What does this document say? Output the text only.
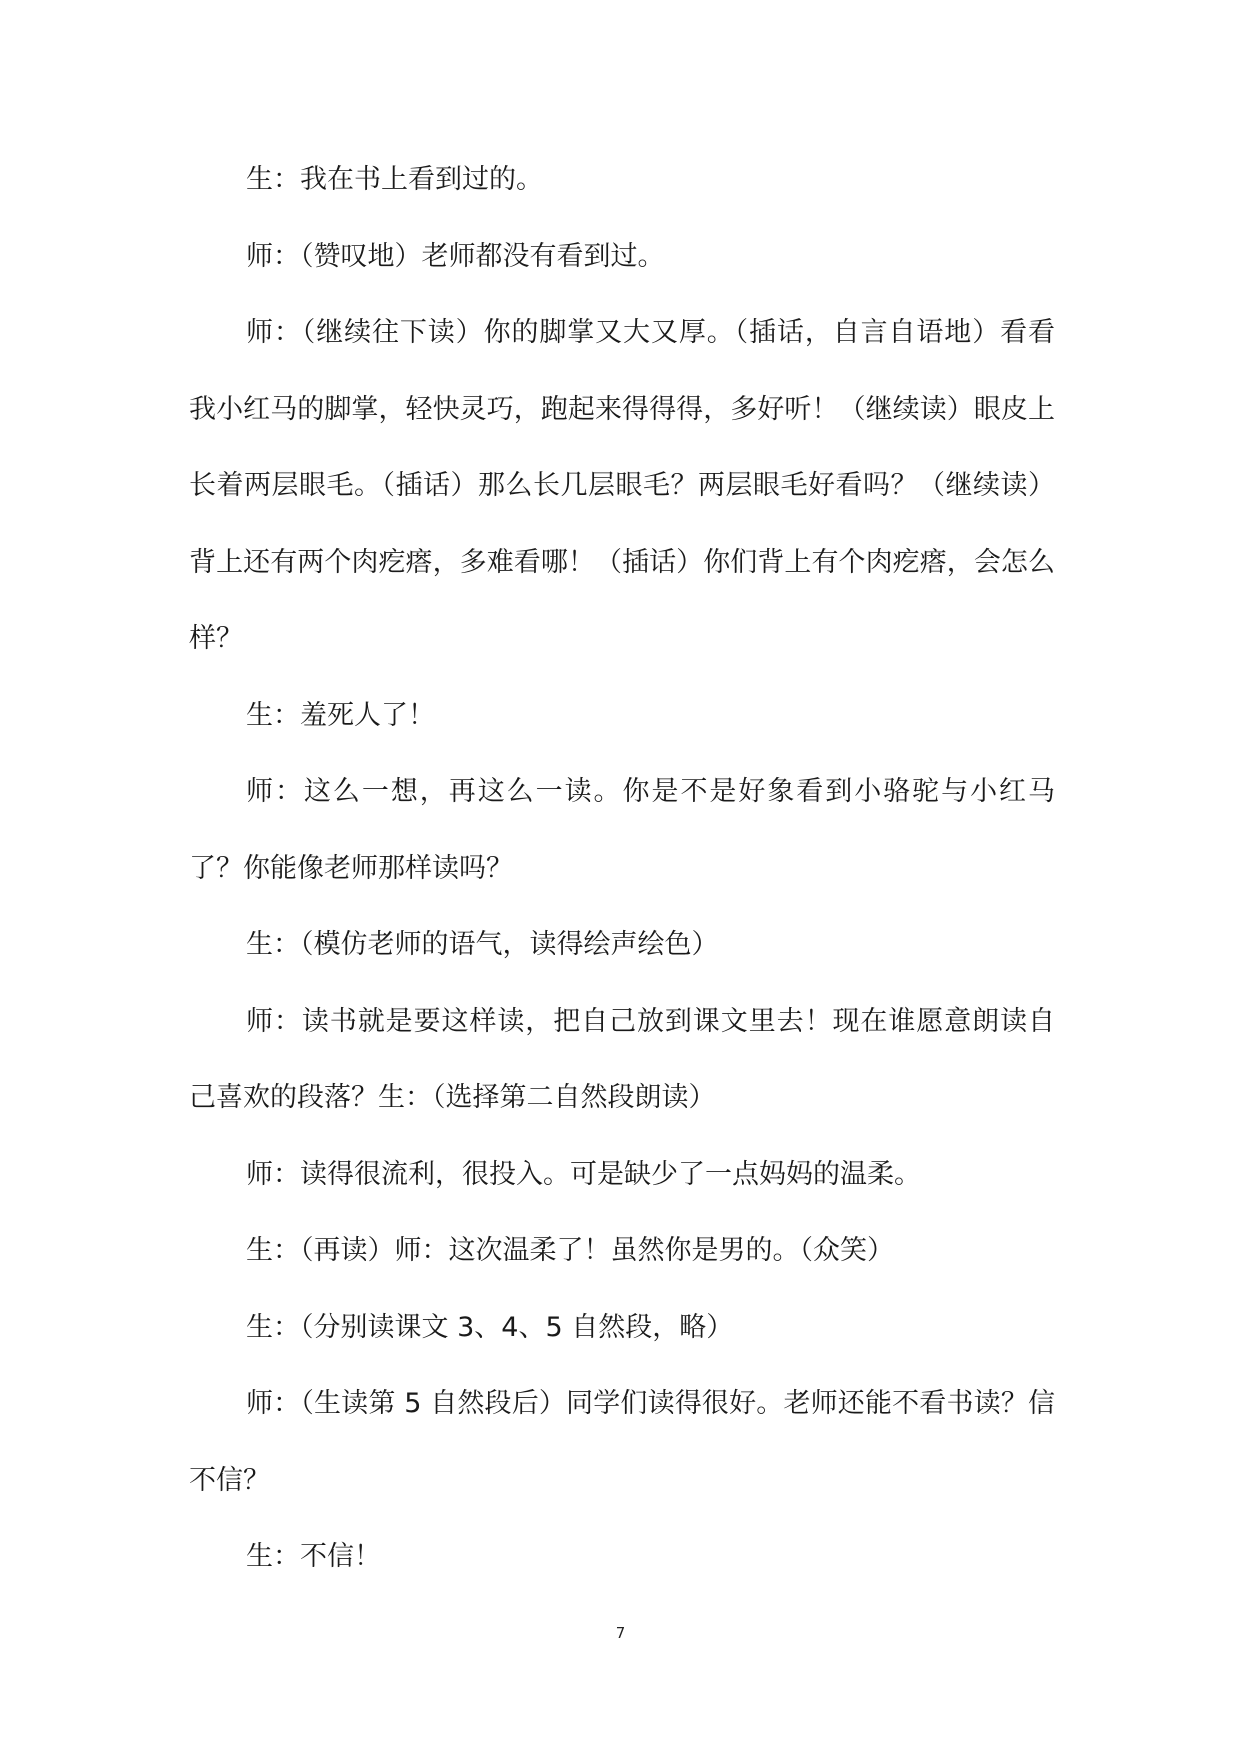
生：我在书上看到过的。

师：（赞叹地）老师都没有看到过。

师：（继续往下读）你的脚掌又大又厚。（插话，自言自语地）看看我小红马的脚掌，轻快灵巧，跑起来得得得，多好听！（继续读）眼皮上长着两层眼毛。（插话）那么长几层眼毛？两层眼毛好看吗？（继续读）背上还有两个肉疙瘩，多难看哪！（插话）你们背上有个肉疙瘩，会怎么样？

生：羞死人了！

师：这么一想，再这么一读。你是不是好象看到小骆驼与小红马了？你能像老师那样读吗？

生：（模仿老师的语气，读得绘声绘色）

师：读书就是要这样读，把自己放到课文里去！现在谁愿意朗读自己喜欢的段落？生：（选择第二自然段朗读）

师：读得很流利，很投入。可是缺少了一点妈妈的温柔。

生：（再读）师：这次温柔了！虽然你是男的。（众笑）

生：（分别读课文 3、4、5 自然段，略）

师：（生读第 5 自然段后）同学们读得很好。老师还能不看书读？信不信？

生：不信！

7
